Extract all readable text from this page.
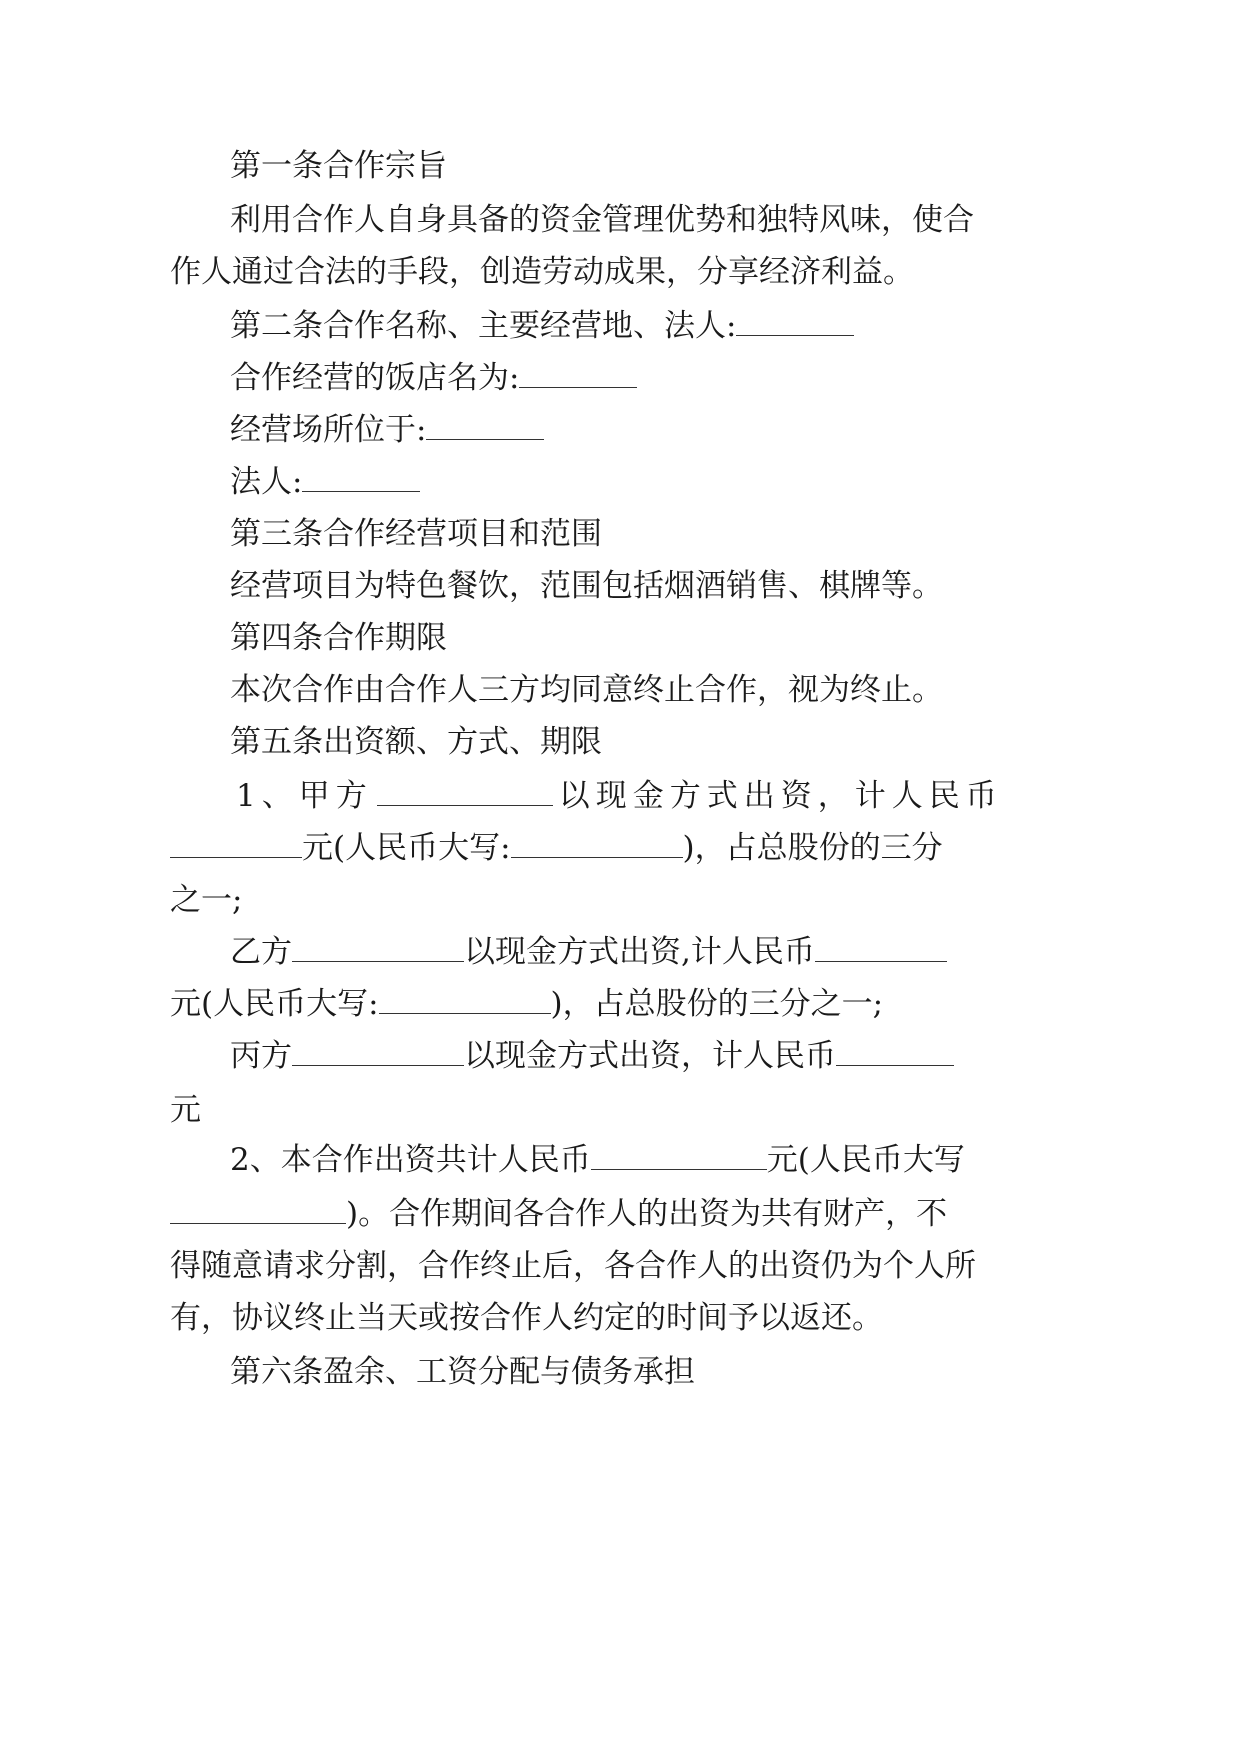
第一条合作宗旨
利用合作人自身具备的资金管理优势和独特风味，使合
作人通过合法的手段，创造劳动成果，分享经济利益。
第二条合作名称、主要经营地、法人:
合作经营的饭店名为:
经营场所位于:
法人:
第三条合作经营项目和范围
经营项目为特色餐饮，范围包括烟酒销售、棋牌等。
第四条合作期限
本次合作由合作人三方均同意终止合作，视为终止。
第五条出资额、方式、期限
1、甲方	以现金方式出资，计人民币
元(人民币大写:	)，占总股份的三分
之一;
乙方	以现金方式出资,计人民币
元(人民币大写:	)，占总股份的三分之一;
丙方	以现金方式出资，计人民币
元
2、本合作出资共计人民币	元(人民币大写
)。合作期间各合作人的出资为共有财产，不
得随意请求分割，合作终止后，各合作人的出资仍为个人所
有，协议终止当天或按合作人约定的时间予以返还。
第六条盈余、工资分配与债务承担
